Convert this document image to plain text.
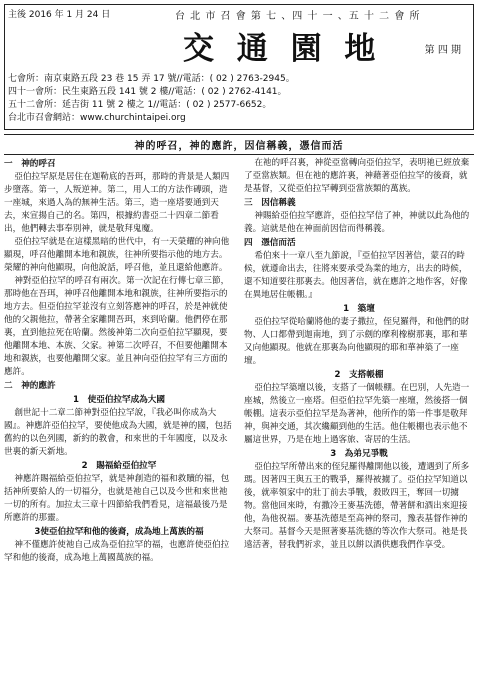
主後 2016 年 1 月 24 日	台 北 市 召 會 第 七 、四 十 一 、五 十 二 會 所
交 通 園 地	第 四 期
七會所：南京東路五段 23 巷 15 弄 17 號//電話：( 02 ) 2763-2945。
四十一會所：民生東路五段 141 號 2 樓//電話：( 02 ) 2762-4141。
五十二會所：延吉街 11 號 2 樓之 1//電話：( 02 ) 2577-6652。
台北市召會網站：www.churchintaipei.org
神的呼召，神的應許，因信稱義，憑信而活
一　神的呼召

亞伯拉罕原是居住在迦勒底的吾珥，那時的背景是人類四步墮落。第一，人叛逆神。第二，用人工的方法作磚頭，造一座城，來過人為的無神生活。第三，造一座塔要通到天去，來宣揚自己的名。第四，根據約書亞二十四章二節看出，他們轉去事奉別神，就是敬拜鬼魔。

亞伯拉罕就是在這樣黑暗的世代中，有一天榮耀的神向他顯現，呼召他離開本地和親族，往神所要指示他的地方去。榮耀的神向他顯現，向他說話，呼召他，並且還給他應許。

神對亞伯拉罕的呼召有兩次。第一次記在行傳七章三節，那時他在吾珥，神呼召他離開本地和親族，往神所要指示的地方去。但亞伯拉罕並沒有立刻答應神的呼召，於是神就使他的父親他拉，帶著全家離開吾珥，來到哈蘭。他們停在那裏，直到他拉死在哈蘭。然後神第二次向亞伯拉罕顯現，要他離開本地、本族、父家。神第二次呼召，不但要他離開本地和親族，也要他離開父家。並且神向亞伯拉罕有三方面的應許。

二　神的應許
1　使亞伯拉罕成為大國

創世記十二章二節神對亞伯拉罕說，『我必叫你成為大國』。神應許亞伯拉罕，要使他成為大國，就是神的國，包括舊約的以色列國，新約的教會，和來世的千年國度，以及永世裏的新天新地。

2　賜福給亞伯拉罕

神應許賜福給亞伯拉罕，就是神創造的福和救贖的福，包括神所要給人的一切福分，也就是祂自己以及今世和來世祂一切的所有。加拉太三章十四節給我們看見，這福最後乃是所應許的那靈。

3使亞伯拉罕和他的後裔，成為地上萬族的福

神不僅應許使祂自己成為亞伯拉罕的福，也應許使亞伯拉罕和他的後裔，成為地上萬國萬族的福。

在祂的呼召裏，神從亞當轉向亞伯拉罕，表明祂已經放棄了亞當族類。但在祂的應許裏，神藉著亞伯拉罕的後裔，就是基督，又從亞伯拉罕轉到亞當族類的萬族。

三　因信稱義

神賜給亞伯拉罕應許，亞伯拉罕信了神，神就以此為他的義。這就是他在神面前因信而得稱義。

四　憑信而活

希伯來十一章八至九節說，『亞伯拉罕因著信，蒙召的時候，就遵命出去，往將來要承受為業的地方，出去的時候，還不知道要往那裏去。他因著信，就在應許之地作客，好像在異地居住帳棚。』

1　築壇

亞伯拉罕從哈蘭將他的妻子撒拉，侄兒羅得，和他們的財物、人口都帶到迦南地，到了示劍的摩利橡樹那裏，耶和華又向他顯現。他就在那裏為向他顯現的耶和華神築了一座壇。

2　支搭帳棚

亞伯拉罕築壇以後，支搭了一個帳棚。在巴別，人先造一座城，然後立一座塔。但亞伯拉罕先築一座壇，然後搭一個帳棚。這表示亞伯拉罕是為著神，他所作的第一件事是敬拜神，與神交通，其次纔顧到他的生活。他住帳棚也表示他不屬這世界，乃是在地上過客旅、寄居的生活。

3　為弟兄爭戰

亞伯拉罕所帶出來的侄兒羅得離開他以後，遭遇到了所多瑪。因著四王與五王的戰爭，羅得被擄了。亞伯拉罕知道以後，就率領家中的壯丁前去爭戰，殺敗四王，奪回一切擄物。當他回來時，有撒冷王麥基洗德，帶著餅和酒出來迎接他，為他祝福。麥基洗德是至高神的祭司，豫表基督作神的大祭司。基督今天是照著麥基洗德的等次作大祭司。祂是長遠活著，替我們祈求，並且以餅以酒供應我們作享受。
